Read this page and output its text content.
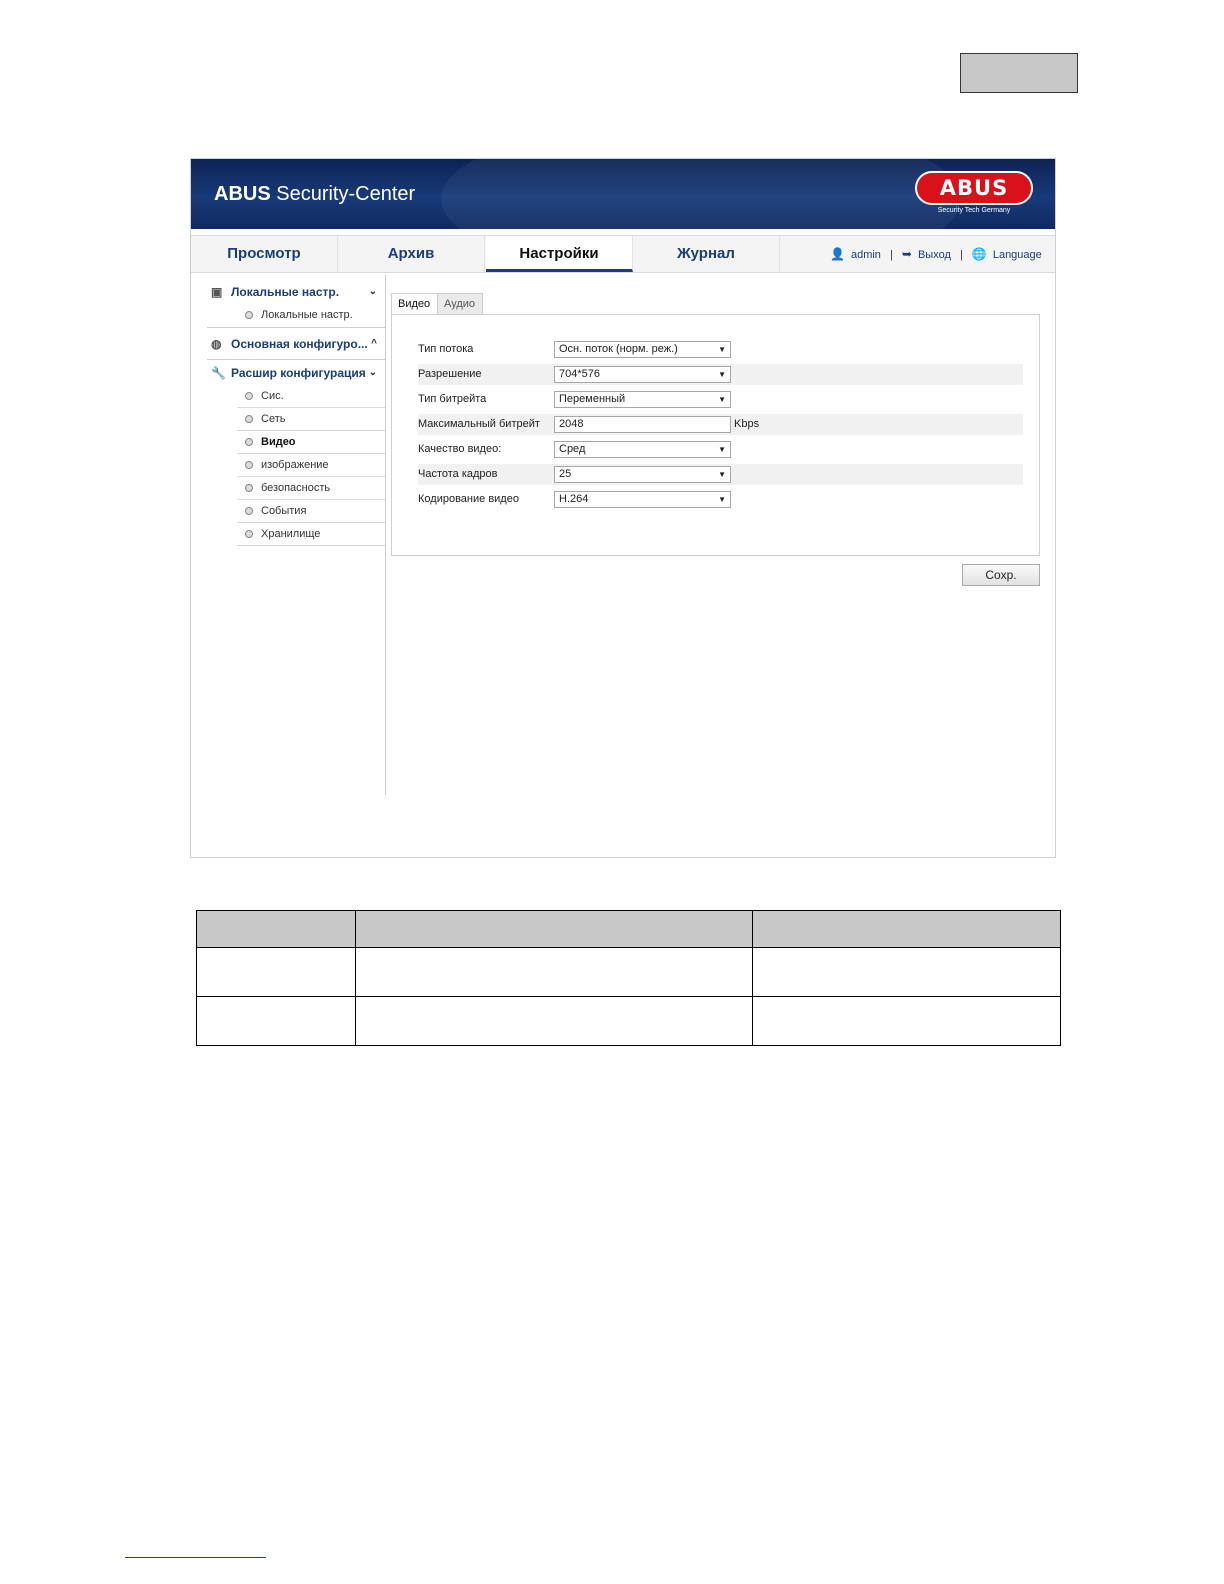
ABUS Security-Center	ABUS
Security Tech Germany
Просмотр	Архив	Настройки	Журнал	👤 admin | ➥ Выход | 🌐 Language
▣ Локальные настр.	⌄
Локальные настр.
◍ Основная конфигуро... ^
🔧 Расшир конфигурация ⌄
Сис.
Сеть
Видео
изображение
безопасность
События
Хранилище
Видео	Аудио
Тип потока	Осн. поток (норм. реж.)	▼
Разрешение	704*576	▼
Тип битрейта	Переменный	▼
Максимальный битрейт	2048	Kbps
Качество видео:	Сред	▼
Частота кадров	25	▼
Кодирование видео	H.264	▼
Сохр.
